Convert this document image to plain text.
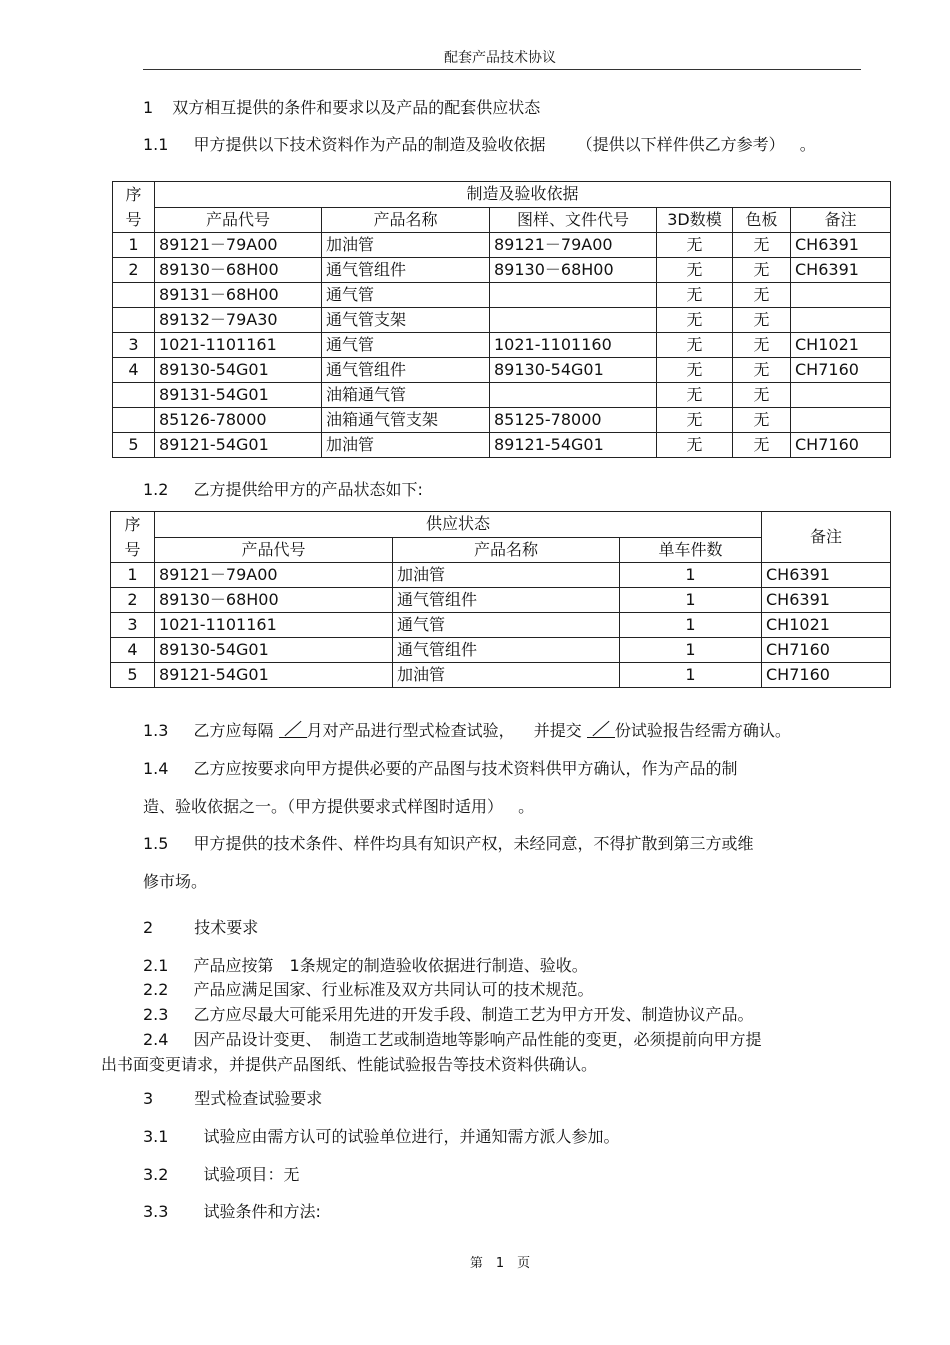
配套产品技术协议
1 双方相互提供的条件和要求以及产品的配套供应状态
1.1 甲方提供以下技术资料作为产品的制造及验收依据 （提供以下样件供乙方参考） 。
序
号	制造及验收依据					
	产品代号	产品名称	图样、文件代号	3D数模	色板	备注
1	89121－79A00	加油管	89121－79A00	无	无	CH6391
2	89130－68H00	通气管组件	89130－68H00	无	无	CH6391
	89131－68H00	通气管		无	无	
	89132－79A30	通气管支架		无	无	
3	1021-1101161	通气管	1021-1101160	无	无	CH1021
4	89130-54G01	通气管组件	89130-54G01	无	无	CH7160
	89131-54G01	油箱通气管		无	无	
	85126-78000	油箱通气管支架	85125-78000	无	无	
5	89121-54G01	加油管	89121-54G01	无	无	CH7160
1.2 乙方提供给甲方的产品状态如下:
序
号	供应状态			备注
	产品代号	产品名称	单车件数	
1	89121－79A00	加油管	1	CH6391
2	89130－68H00	通气管组件	1	CH6391
3	1021-1101161	通气管	1	CH1021
4	89130-54G01	通气管组件	1	CH7160
5	89121-54G01	加油管	1	CH7160
1.3 乙方应每隔 月对产品进行型式检查试验， 并提交 份试验报告经需方确认。
1.4 乙方应按要求向甲方提供必要的产品图与技术资料供甲方确认，作为产品的制
造、验收依据之一。（甲方提供要求式样图时适用） 。
1.5 甲方提供的技术条件、样件均具有知识产权，未经同意，不得扩散到第三方或维
修市场。
2	技术要求
2.1 产品应按第　1条规定的制造验收依据进行制造、验收。
2.2 产品应满足国家、行业标准及双方共同认可的技术规范。
2.3 乙方应尽最大可能采用先进的开发手段、制造工艺为甲方开发、制造协议产品。
2.4 因产品设计变更、　制造工艺或制造地等影响产品性能的变更，必须提前向甲方提
出书面变更请求，并提供产品图纸、性能试验报告等技术资料供确认。
3	型式检查试验要求
3.1 试验应由需方认可的试验单位进行，并通知需方派人参加。
3.2 试验项目：无
3.3 试验条件和方法:
第　1　页
